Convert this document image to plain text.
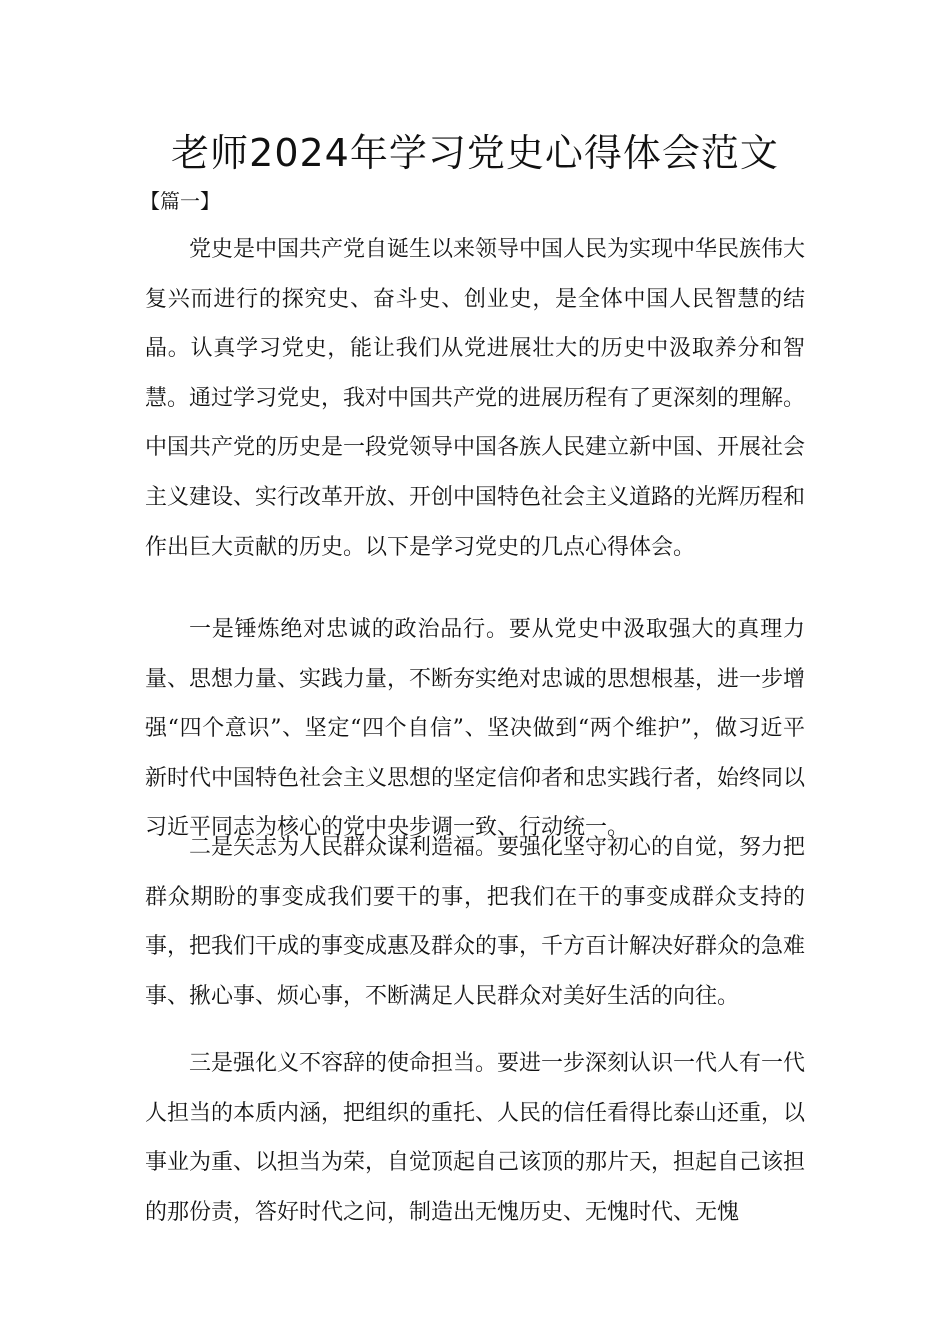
老师2024年学习党史心得体会范文

【篇一】

党史是中国共产党自诞生以来领导中国人民为实现中华民族伟大复兴而进行的探究史、奋斗史、创业史，是全体中国人民智慧的结晶。认真学习党史，能让我们从党进展壮大的历史中汲取养分和智慧。通过学习党史，我对中国共产党的进展历程有了更深刻的理解。中国共产党的历史是一段党领导中国各族人民建立新中国、开展社会主义建设、实行改革开放、开创中国特色社会主义道路的光辉历程和作出巨大贡献的历史。以下是学习党史的几点心得体会。

一是锤炼绝对忠诚的政治品行。要从党史中汲取强大的真理力量、思想力量、实践力量，不断夯实绝对忠诚的思想根基，进一步增强“四个意识”、坚定“四个自信”、坚决做到“两个维护”，做习近平新时代中国特色社会主义思想的坚定信仰者和忠实践行者，始终同以习近平同志为核心的党中央步调一致、行动统一。

二是矢志为人民群众谋利造福。要强化坚守初心的自觉，努力把群众期盼的事变成我们要干的事，把我们在干的事变成群众支持的事，把我们干成的事变成惠及群众的事，千方百计解决好群众的急难事、揪心事、烦心事，不断满足人民群众对美好生活的向往。

三是强化义不容辞的使命担当。要进一步深刻认识一代人有一代人担当的本质内涵，把组织的重托、人民的信任看得比泰山还重，以事业为重、以担当为荣，自觉顶起自己该顶的那片天，担起自己该担的那份责，答好时代之问，制造出无愧历史、无愧时代、无愧
